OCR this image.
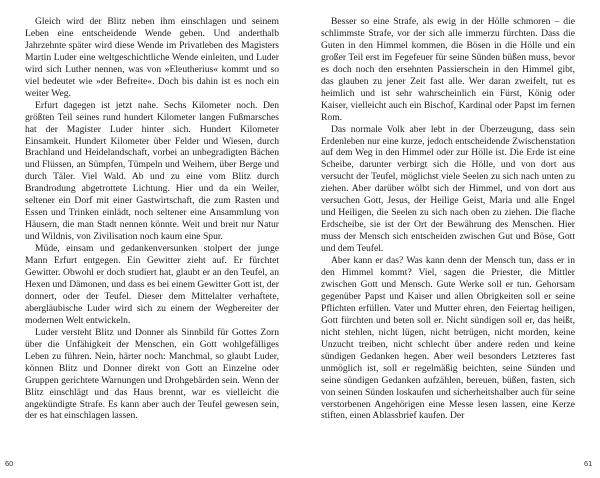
Gleich wird der Blitz neben ihm einschlagen und seinem Leben eine entscheidende Wende geben. Und anderthalb Jahrzehnte später wird diese Wende im Privatleben des Magisters Martin Luder eine weltgeschichtliche Wende einleiten, und Luder wird sich Luther nennen, was von »Eleutherius« kommt und so viel bedeutet wie »der Befreite«. Doch bis dahin ist es noch ein weiter Weg.

Erfurt dagegen ist jetzt nahe. Sechs Kilometer noch. Den größten Teil seines rund hundert Kilometer langen Fußmarsches hat der Magister Luder hinter sich. Hundert Kilometer Einsamkeit. Hundert Kilometer über Felder und Wiesen, durch Brachland und Heidelandschaft, vorbei an unbegradigten Bächen und Flüssen, an Sümpfen, Tümpeln und Weihern, über Berge und durch Täler. Viel Wald. Ab und zu eine vom Blitz durch Brandrodung abgetrottete Lichtung. Hier und da ein Weiler, seltener ein Dorf mit einer Gastwirtschaft, die zum Rasten und Essen und Trinken einlädt, noch seltener eine Ansammlung von Häusern, die man Stadt nennen könnte. Weit und breit nur Natur und Wildnis, von Zivilisation noch kaum eine Spur.

Müde, einsam und gedankenversunken stolpert der junge Mann Erfurt entgegen. Ein Gewitter zieht auf. Er fürchtet Gewitter. Obwohl er doch studiert hat, glaubt er an den Teufel, an Hexen und Dämonen, und dass es bei einem Gewitter Gott ist, der donnert, oder der Teufel. Dieser dem Mittelalter verhaftete, abergläubische Luder wird sich zu einem der Wegbereiter der modernen Welt entwickeln.

Luder versteht Blitz und Donner als Sinnbild für Gottes Zorn über die Unfähigkeit der Menschen, ein Gott wohlgefälliges Leben zu führen. Nein, härter noch: Manchmal, so glaubt Luder, können Blitz und Donner direkt von Gott an Einzelne oder Gruppen gerichtete Warnungen und Drohgebärden sein. Wenn der Blitz einschlägt und das Haus brennt, war es vielleicht die angekündigte Strafe. Es kann aber auch der Teufel gewesen sein, der es hat einschlagen lassen.

Besser so eine Strafe, als ewig in der Hölle schmoren – die schlimmste Strafe, vor der sich alle immerzu fürchten. Dass die Guten in den Himmel kommen, die Bösen in die Hölle und ein großer Teil erst im Fegefeuer für seine Sünden büßen muss, bevor es doch noch den ersehnten Passierschein in den Himmel gibt, das glauben zu jener Zeit fast alle. Wer daran zweifelt, tut es heimlich und ist sehr wahrscheinlich ein Fürst, König oder Kaiser, vielleicht auch ein Bischof, Kardinal oder Papst im fernen Rom.

Das normale Volk aber lebt in der Überzeugung, dass sein Erdenleben nur eine kurze, jedoch entscheidende Zwischenstation auf dem Weg in den Himmel oder zur Hölle ist. Die Erde ist eine Scheibe, darunter verbirgt sich die Hölle, und von dort aus versucht der Teufel, möglichst viele Seelen zu sich nach unten zu ziehen. Aber darüber wölbt sich der Himmel, und von dort aus versuchen Gott, Jesus, der Heilige Geist, Maria und alle Engel und Heiligen, die Seelen zu sich nach oben zu ziehen. Die flache Erdscheibe, sie ist der Ort der Bewährung des Menschen. Hier muss der Mensch sich entscheiden zwischen Gut und Böse, Gott und dem Teufel.

Aber kann er das? Was kann denn der Mensch tun, dass er in den Himmel kommt? Viel, sagen die Priester, die Mittler zwischen Gott und Mensch. Gute Werke soll er tun. Gehorsam gegenüber Papst und Kaiser und allen Obrigkeiten soll er seine Pflichten erfüllen. Vater und Mutter ehren, den Feiertag heiligen, Gott fürchten und beten soll er. Nicht sündigen soll er, das heißt, nicht stehlen, nicht lügen, nicht betrügen, nicht morden, keine Unzucht treiben, nicht schlecht über andere reden und keine sündigen Gedanken hegen. Aber weil besonders Letzteres fast unmöglich ist, soll er regelmäßig beichten, seine Sünden und seine sündigen Gedanken aufzählen, bereuen, büßen, fasten, sich von seinen Sünden loskaufen und sicherheitshalber auch für seine verstorbenen Angehörigen eine Messe lesen lassen, eine Kerze stiften, einen Ablassbrief kaufen. Der

60	61
